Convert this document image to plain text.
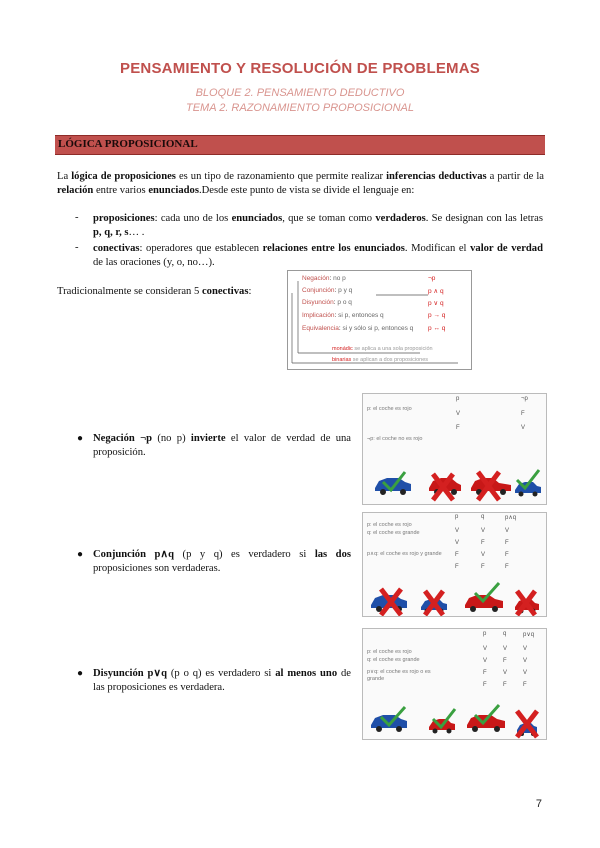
PENSAMIENTO Y RESOLUCIÓN DE PROBLEMAS
BLOQUE 2. PENSAMIENTO DEDUCTIVO
TEMA 2. RAZONAMIENTO PROPOSICIONAL
LÓGICA PROPOSICIONAL
La lógica de proposiciones es un tipo de razonamiento que permite realizar inferencias deductivas a partir de la relación entre varios enunciados.Desde este punto de vista se divide el lenguaje en:
- proposiciones: cada uno de los enunciados, que se toman como verdaderos. Se designan con las letras p, q, r, s… .
- conectivas: operadores que establecen relaciones entre los enunciados. Modifican el valor de verdad de las oraciones (y, o, no…).
Tradicionalmente se consideran 5 conectivas:
Negación: no p	¬p
Conjunción: p y q	p ∧ q
Disyunción: p o q	p ∨ q
Implicación: si p, entonces q	p → q
Equivalencia: si y sólo si p, entonces q p ↔ q
monádic se aplica a una sola proposición
binarias se aplican a dos proposiciones
● Negación ¬p (no p) invierte el valor de verdad de una proposición.
p	¬p
p: el coche es rojo
V	F
F	V
¬p: el coche no es rojo
● Conjunción p∧q (p y q) es verdadero si las dos proposiciones son verdaderas.
p	q	p∧q
p: el coche es rojo
q: el coche es grande	V	V	V
V	F	F
p∧q: el coche es rojo y grande	F	V	F
F	F	F
● Disyunción p∨q (p o q) es verdadero si al menos uno de las proposiciones es verdadera.
p	q	p∨q
p: el coche es rojo
q: el coche es grande
V	V	V
V	F	V
p∨q: el coche es rojo o es grande
F	V	V
F	F	F
7
